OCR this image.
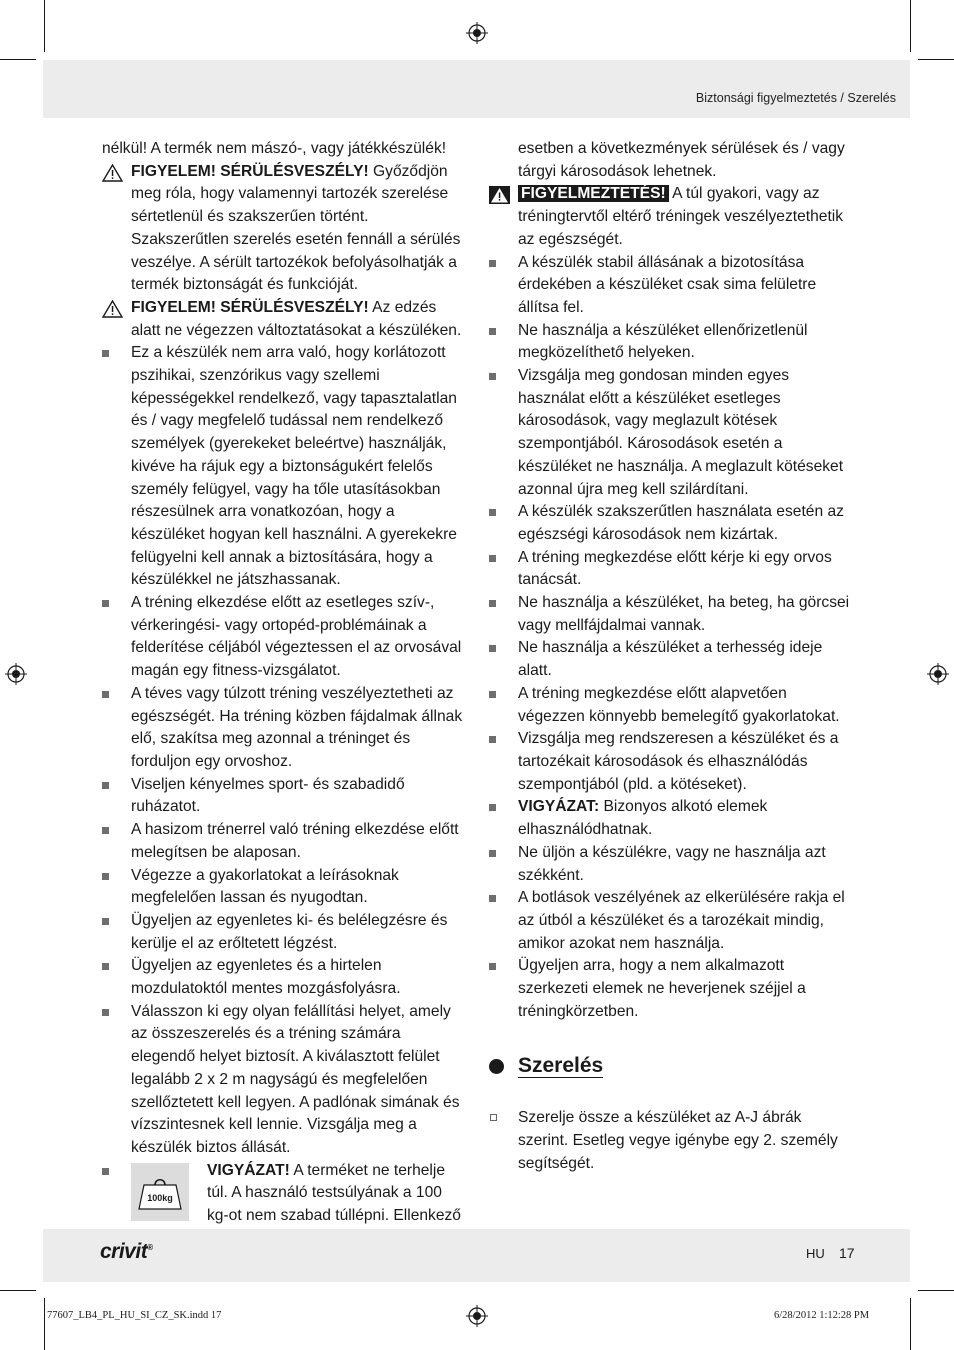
Biztonsági figyelmeztetés / Szerelés
nélkül! A termék nem mászó-, vagy játékkészülék!
FIGYELEM! SÉRÜLÉSVESZÉLY! Győződjön meg róla, hogy valamennyi tartozék szerelése sértetlenül és szakszerűen történt. Szakszerűtlen szerelés esetén fennáll a sérülés veszélye. A sérült tartozékok befolyásolhatják a termék biztonságát és funkcióját.
FIGYELEM! SÉRÜLÉSVESZÉLY! Az edzés alatt ne végezzen változtatásokat a készüléken.
Ez a készülék nem arra való, hogy korlátozott pszihikai, szenzórikus vagy szellemi képességekkel rendelkező, vagy tapasztalatlan és / vagy megfelelő tudással nem rendelkező személyek (gyerekeket beleértve) használják, kivéve ha rájuk egy a biztonságukért felelős személy felügyel, vagy ha tőle utasításokban részesülnek arra vonatkozóan, hogy a készüléket hogyan kell használni. A gyerekekre felügyelni kell annak a biztosítására, hogy a készülékkel ne játszhassanak.
A tréning elkezdése előtt az esetleges szív-, vérkeringési- vagy ortopéd-problémáinak a felderítése céljából végeztessen el az orvosával magán egy fitness-vizsgálatot.
A téves vagy túlzott tréning veszélyeztetheti az egészségét. Ha tréning közben fájdalmak állnak elő, szakítsa meg azonnal a tréninget és forduljon egy orvoshoz.
Viseljen kényelmes sport- és szabadidő ruházatot.
A hasizom trénerrel való tréning elkezdése előtt melegítsen be alaposan.
Végezze a gyakorlatokat a leírásoknak megfelelően lassan és nyugodtan.
Ügyeljen az egyenletes ki- és belélegzésre és kerülje el az erőltetett légzést.
Ügyeljen az egyenletes és a hirtelen mozdulatoktól mentes mozgásfolyásra.
Válasszon ki egy olyan felállítási helyet, amely az összeszerelés és a tréning számára elegendő helyet biztosít. A kiválasztott felület legalább 2 x 2 m nagyságú és megfelelően szellőztetett kell legyen. A padlónak simának és vízszintesnek kell lennie. Vizsgálja meg a készülék biztos állását.
100kg
VIGYÁZAT! A terméket ne terhelje túl. A használó testsúlyának a 100 kg-ot nem szabad túllépni. Ellenkező
esetben a következmények sérülések és / vagy tárgyi károsodások lehetnek.
FIGYELMEZTETÉS! A túl gyakori, vagy az tréningtervtől eltérő tréningek veszélyeztethetik az egészségét.
A készülék stabil állásának a bizotosítása érdekében a készüléket csak sima felületre állítsa fel.
Ne használja a készüléket ellenőrizetlenül megközelíthető helyeken.
Vizsgálja meg gondosan minden egyes használat előtt a készüléket esetleges károsodások, vagy meglazult kötések szempontjából. Károsodások esetén a készüléket ne használja. A meglazult kötéseket azonnal újra meg kell szilárdítani.
A készülék szakszerűtlen használata esetén az egészségi károsodások nem kizártak.
A tréning megkezdése előtt kérje ki egy orvos tanácsát.
Ne használja a készüléket, ha beteg, ha görcsei vagy mellfájdalmai vannak.
Ne használja a készüléket a terhesség ideje alatt.
A tréning megkezdése előtt alapvetően végezzen könnyebb bemelegítő gyakorlatokat.
Vizsgálja meg rendszeresen a készüléket és a tartozékait károsodások és elhasználódás szempontjából (pld. a kötéseket).
VIGYÁZAT: Bizonyos alkotó elemek elhasználódhatnak.
Ne üljön a készülékre, vagy ne használja azt székként.
A botlások veszélyének az elkerülésére rakja el az útból a készüléket és a tarozékait mindig, amikor azokat nem használja.
Ügyeljen arra, hogy a nem alkalmazott szerkezeti elemek ne heverjenek széjjel a tréningkörzetben.
Szerelés
Szerelje össze a készüléket az A-J ábrák szerint. Esetleg vegye igénybe egy 2. személy segítségét.
crivit®	HU 17
77607_LB4_PL_HU_SI_CZ_SK.indd 17	6/28/2012 1:12:28 PM
